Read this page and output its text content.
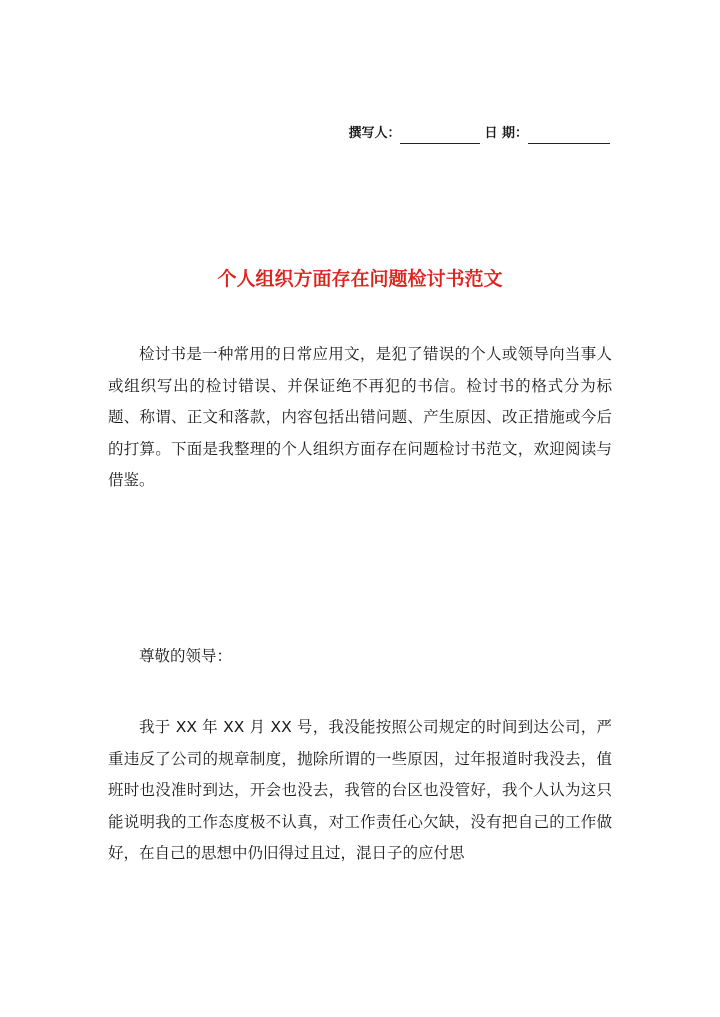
撰写人：	日 期：
个人组织方面存在问题检讨书范文

检讨书是一种常用的日常应用文，是犯了错误的个人或领导向当事人或组织写出的检讨错误、并保证绝不再犯的书信。检讨书的格式分为标题、称谓、正文和落款，内容包括出错问题、产生原因、改正措施或今后的打算。下面是我整理的个人组织方面存在问题检讨书范文，欢迎阅读与借鉴。

尊敬的领导：

我于 XX 年 XX 月 XX 号，我没能按照公司规定的时间到达公司，严重违反了公司的规章制度，抛除所谓的一些原因，过年报道时我没去，值班时也没准时到达，开会也没去，我管的台区也没管好，我个人认为这只能说明我的工作态度极不认真，对工作责任心欠缺，没有把自己的工作做好，在自己的思想中仍旧得过且过，混日子的应付思
